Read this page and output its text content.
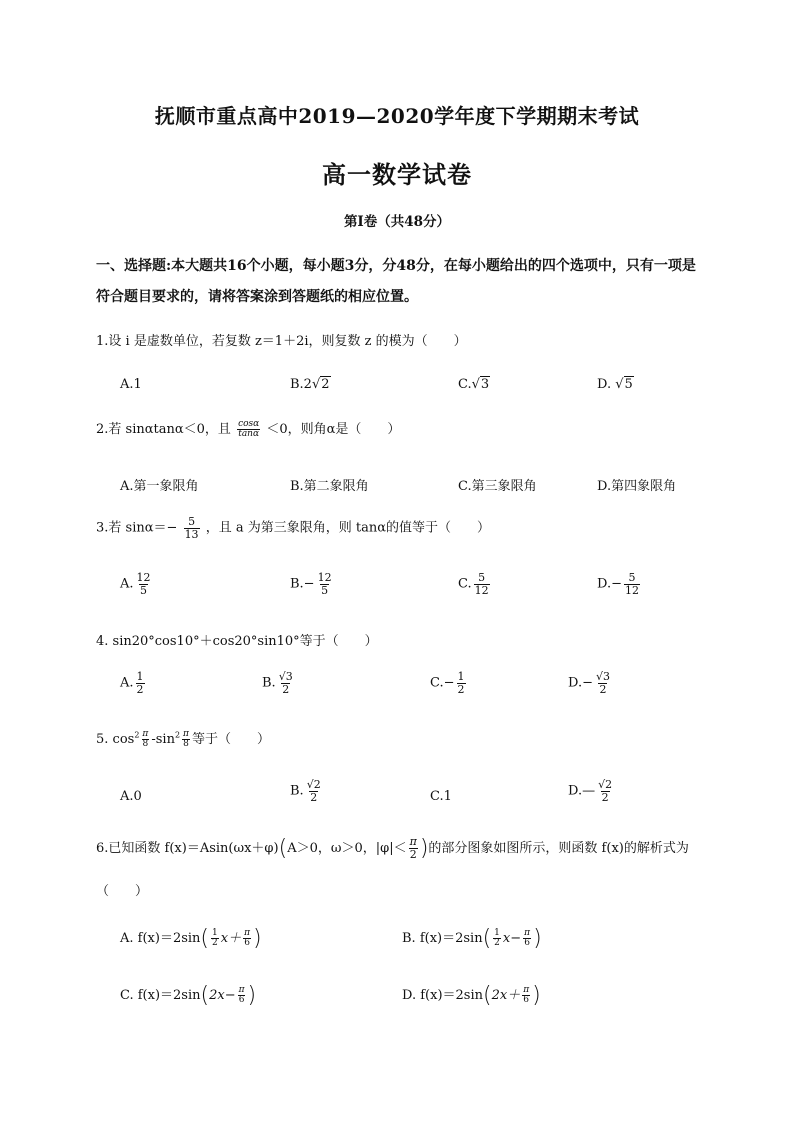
抚顺市重点高中2019—2020学年度下学期期末考试
高一数学试卷
第Ⅰ卷（共48分）
一、选择题:本大题共16个小题，每小题3分，分48分，在每小题给出的四个选项中，只有一项是符合题目要求的，请将答案涂到答题纸的相应位置。
1.设 i 是虚数单位，若复数 z＝1＋2i，则复数 z 的模为（　　）
A.1	B.2√2	C.√3	D. √5
2.若 sinαtanα＜0，且 $\frac{\cos\alpha}{\tan\alpha} <0$，则角α是（　　）
A.第一象限角	B.第二象限角	C.第三象限角	D.第四象限角
3.若 $\sin\alpha=- \frac{5}{13}$ ，且 a 为第三象限角，则 tanα的值等于（　　）
A. $\frac{12}{5}$	$B.- \frac{12}{5}$	C. $\frac{5}{12}$	$D.- \frac{5}{12}$
4. sin20°cos10°＋cos20°sin10°等于（　　）
A. $\frac{1}{2}$	B. $\frac{√3}{2}$	$C.- \frac{1}{2}$	$D.- \frac{√3}{2}$
5. $\cos^2 \frac{\pi}{8} -\sin^2 \frac{\pi}{8}$ 等于（　　）
A.0	B. $\frac{√2}{2}$	C.1	D.— $\frac{√2}{2}$
6.已知函数 f(x)＝Asin(ωx＋φ)(A＞0，ω＞0，$|\varphi|< \frac{\pi}{2}$ )的部分图象如图所示，则函数 f(x)的解析式为
（　　）
A. $f(x)=2\sin( \frac{1}{2} x+ \frac{\pi}{6}$ )	B. $f(x)=2\sin( \frac{1}{2} x- \frac{\pi}{6}$ )
C. $f(x)=2\sin(2x- \frac{\pi}{6}$ )	D. $f(x)=2\sin(2x+ \frac{\pi}{6}$ )
